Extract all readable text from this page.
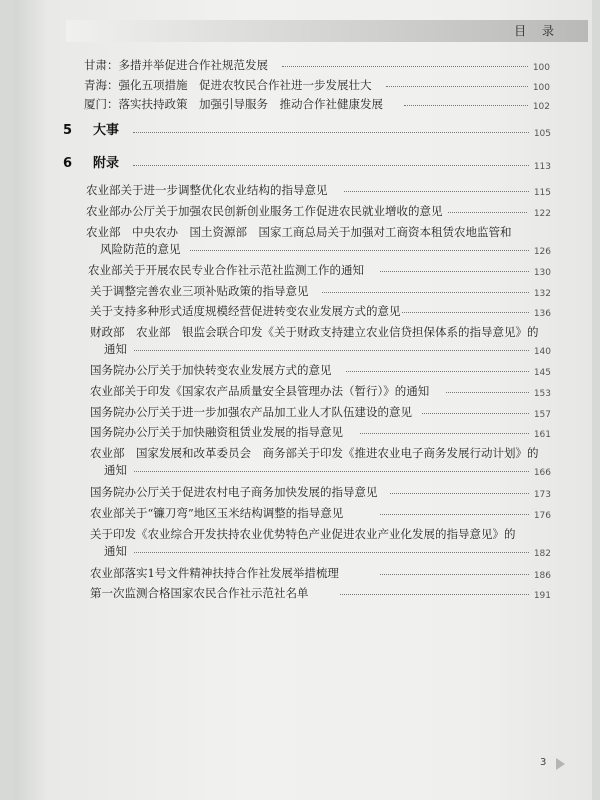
目 录
甘肃：多措并举促进合作社规范发展	100
青海：强化五项措施　促进农牧民合作社进一步发展壮大	100
厦门：落实扶持政策　加强引导服务　推动合作社健康发展	102
5 大事	105
6 附录	113
农业部关于进一步调整优化农业结构的指导意见	115
农业部办公厅关于加强农民创新创业服务工作促进农民就业增收的意见	122
农业部　中央农办　国土资源部　国家工商总局关于加强对工商资本租赁农地监管和
风险防范的意见	126
农业部关于开展农民专业合作社示范社监测工作的通知	130
关于调整完善农业三项补贴政策的指导意见	132
关于支持多种形式适度规模经营促进转变农业发展方式的意见	136
财政部　农业部　银监会联合印发《关于财政支持建立农业信贷担保体系的指导意见》的
通知	140
国务院办公厅关于加快转变农业发展方式的意见	145
农业部关于印发《国家农产品质量安全县管理办法（暂行）》的通知	153
国务院办公厅关于进一步加强农产品加工业人才队伍建设的意见	157
国务院办公厅关于加快融资租赁业发展的指导意见	161
农业部　国家发展和改革委员会　商务部关于印发《推进农业电子商务发展行动计划》的
通知	166
国务院办公厅关于促进农村电子商务加快发展的指导意见	173
农业部关于“镰刀弯”地区玉米结构调整的指导意见	176
关于印发《农业综合开发扶持农业优势特色产业促进农业产业化发展的指导意见》的
通知	182
农业部落实1号文件精神扶持合作社发展举措梳理	186
第一次监测合格国家农民合作社示范社名单	191
3
